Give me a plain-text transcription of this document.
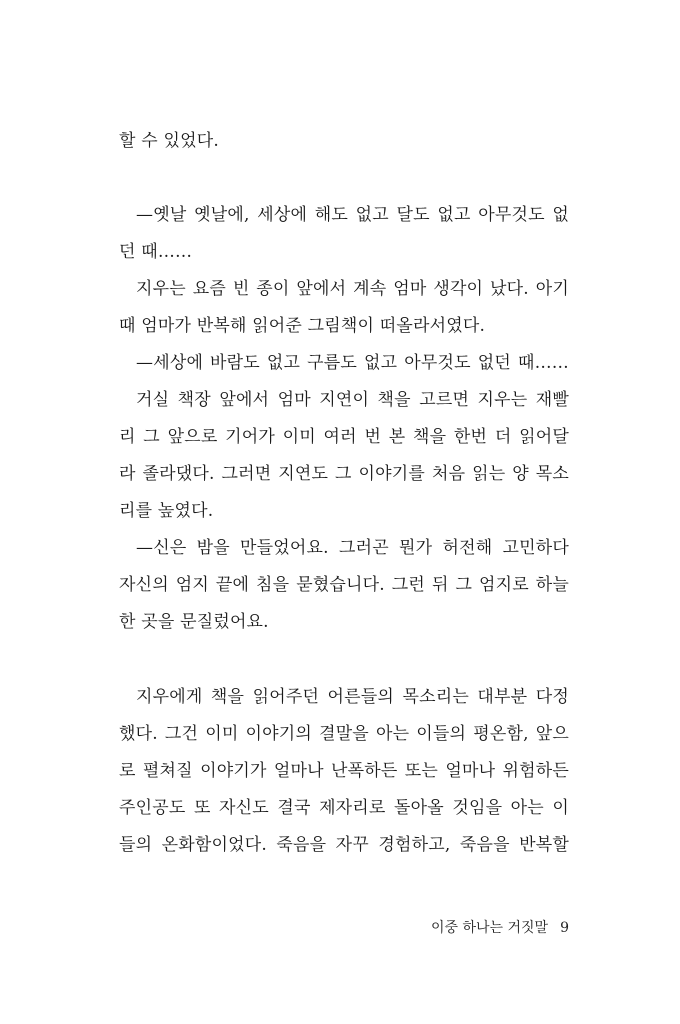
할 수 있었다.
—옛날 옛날에, 세상에 해도 없고 달도 없고 아무것도 없
던 때……
지우는 요즘 빈 종이 앞에서 계속 엄마 생각이 났다. 아기
때 엄마가 반복해 읽어준 그림책이 떠올라서였다.
—세상에 바람도 없고 구름도 없고 아무것도 없던 때……
거실 책장 앞에서 엄마 지연이 책을 고르면 지우는 재빨
리 그 앞으로 기어가 이미 여러 번 본 책을 한번 더 읽어달
라 졸라댔다. 그러면 지연도 그 이야기를 처음 읽는 양 목소
리를 높였다.
—신은 밤을 만들었어요. 그러곤 뭔가 허전해 고민하다
자신의 엄지 끝에 침을 묻혔습니다. 그런 뒤 그 엄지로 하늘
한 곳을 문질렀어요.
지우에게 책을 읽어주던 어른들의 목소리는 대부분 다정
했다. 그건 이미 이야기의 결말을 아는 이들의 평온함, 앞으
로 펼쳐질 이야기가 얼마나 난폭하든 또는 얼마나 위험하든
주인공도 또 자신도 결국 제자리로 돌아올 것임을 아는 이
들의 온화함이었다. 죽음을 자꾸 경험하고, 죽음을 반복할
이중 하나는 거짓말 9
